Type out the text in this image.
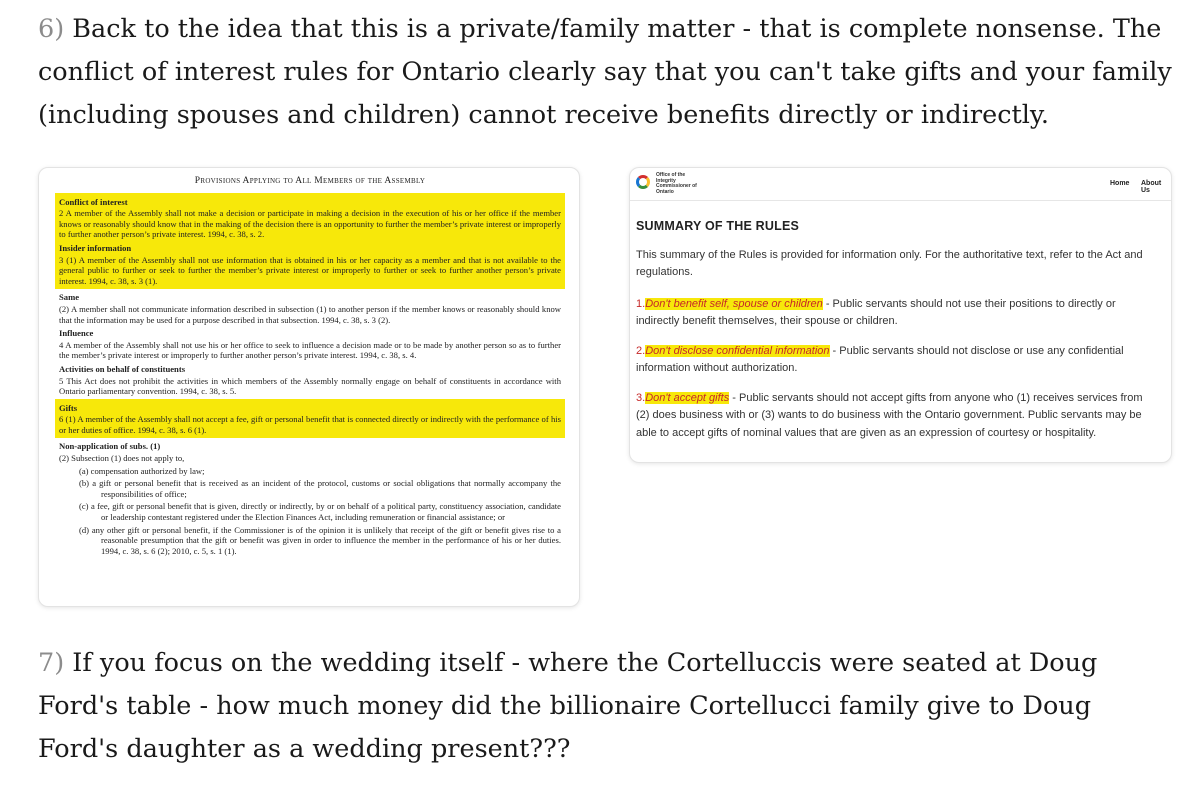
6) Back to the idea that this is a private/family matter - that is complete nonsense. The conflict of interest rules for Ontario clearly say that you can't take gifts and your family (including spouses and children) cannot receive benefits directly or indirectly.

Provisions Applying to All Members of the Assembly
Conflict of interest
2 A member of the Assembly shall not make a decision or participate in making a decision in the execution of his or her office if the member knows or reasonably should know that in the making of the decision there is an opportunity to further the member’s private interest or improperly to further another person’s private interest. 1994, c. 38, s. 2.
Insider information
3 (1) A member of the Assembly shall not use information that is obtained in his or her capacity as a member and that is not available to the general public to further or seek to further the member’s private interest or improperly to further or seek to further another person’s private interest. 1994, c. 38, s. 3 (1).
Same
(2) A member shall not communicate information described in subsection (1) to another person if the member knows or reasonably should know that the information may be used for a purpose described in that subsection. 1994, c. 38, s. 3 (2).
Influence
4 A member of the Assembly shall not use his or her office to seek to influence a decision made or to be made by another person so as to further the member’s private interest or improperly to further another person’s private interest. 1994, c. 38, s. 4.
Activities on behalf of constituents
5 This Act does not prohibit the activities in which members of the Assembly normally engage on behalf of constituents in accordance with Ontario parliamentary convention. 1994, c. 38, s. 5.
Gifts
6 (1) A member of the Assembly shall not accept a fee, gift or personal benefit that is connected directly or indirectly with the performance of his or her duties of office. 1994, c. 38, s. 6 (1).
Non-application of subs. (1)
(2) Subsection (1) does not apply to,
(a) compensation authorized by law;
(b) a gift or personal benefit that is received as an incident of the protocol, customs or social obligations that normally accompany the responsibilities of office;
(c) a fee, gift or personal benefit that is given, directly or indirectly, by or on behalf of a political party, constituency association, candidate or leadership contestant registered under the Election Finances Act, including remuneration or financial assistance; or
(d) any other gift or personal benefit, if the Commissioner is of the opinion it is unlikely that receipt of the gift or benefit gives rise to a reasonable presumption that the gift or benefit was given in order to influence the member in the performance of his or her duties. 1994, c. 38, s. 6 (2); 2010, c. 5, s. 1 (1).
Office of the Integrity Commissioner of Ontario
Home About Us
SUMMARY OF THE RULES
This summary of the Rules is provided for information only. For the authoritative text, refer to the Act and regulations.
1.Don't benefit self, spouse or children - Public servants should not use their positions to directly or indirectly benefit themselves, their spouse or children.
2.Don't disclose confidential information - Public servants should not disclose or use any confidential information without authorization.
3.Don't accept gifts - Public servants should not accept gifts from anyone who (1) receives services from (2) does business with or (3) wants to do business with the Ontario government. Public servants may be able to accept gifts of nominal values that are given as an expression of courtesy or hospitality.

7) If you focus on the wedding itself - where the Cortelluccis were seated at Doug Ford's table - how much money did the billionaire Cortellucci family give to Doug Ford's daughter as a wedding present???
